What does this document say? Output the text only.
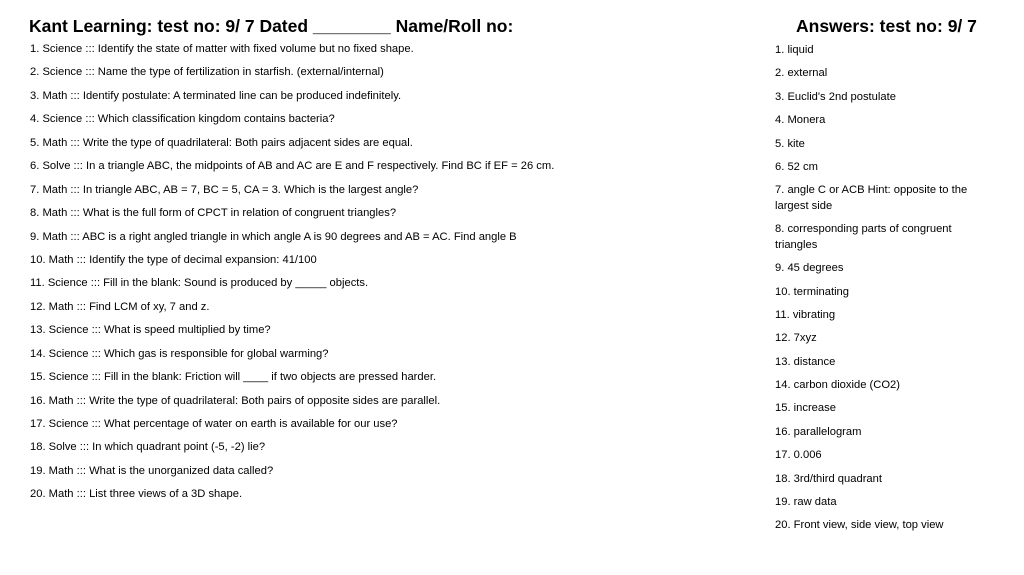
Kant Learning: test no: 9/ 7 Dated ________ Name/Roll no:	Answers: test no: 9/ 7
1. Science ::: Identify the state of matter with fixed volume but no fixed shape.
2. Science ::: Name the type of fertilization in starfish. (external/internal)
3. Math ::: Identify postulate: A terminated line can be produced indefinitely.
4. Science ::: Which classification kingdom contains bacteria?
5. Math ::: Write the type of quadrilateral: Both pairs adjacent sides are equal.
6. Solve ::: In a triangle ABC, the midpoints of AB and AC are E and F respectively. Find BC if EF = 26 cm.
7. Math ::: In triangle ABC, AB = 7, BC = 5, CA = 3. Which is the largest angle?
8. Math ::: What is the full form of CPCT in relation of congruent triangles?
9. Math ::: ABC is a right angled triangle in which angle A is 90 degrees and AB = AC. Find angle B
10. Math ::: Identify the type of decimal expansion: 41/100
11. Science ::: Fill in the blank: Sound is produced by _____ objects.
12. Math ::: Find LCM of xy, 7 and z.
13. Science ::: What is speed multiplied by time?
14. Science ::: Which gas is responsible for global warming?
15. Science ::: Fill in the blank: Friction will ____ if two objects are pressed harder.
16. Math ::: Write the type of quadrilateral: Both pairs of opposite sides are parallel.
17. Science ::: What percentage of water on earth is available for our use?
18. Solve ::: In which quadrant point (-5, -2) lie?
19. Math ::: What is the unorganized data called?
20. Math ::: List three views of a 3D shape.
1. liquid
2. external
3. Euclid's 2nd postulate
4. Monera
5. kite
6. 52 cm
7. angle C or ACB Hint: opposite to the largest side
8. corresponding parts of congruent triangles
9. 45 degrees
10. terminating
11. vibrating
12. 7xyz
13. distance
14. carbon dioxide (CO2)
15. increase
16. parallelogram
17. 0.006
18. 3rd/third quadrant
19. raw data
20. Front view, side view, top view
